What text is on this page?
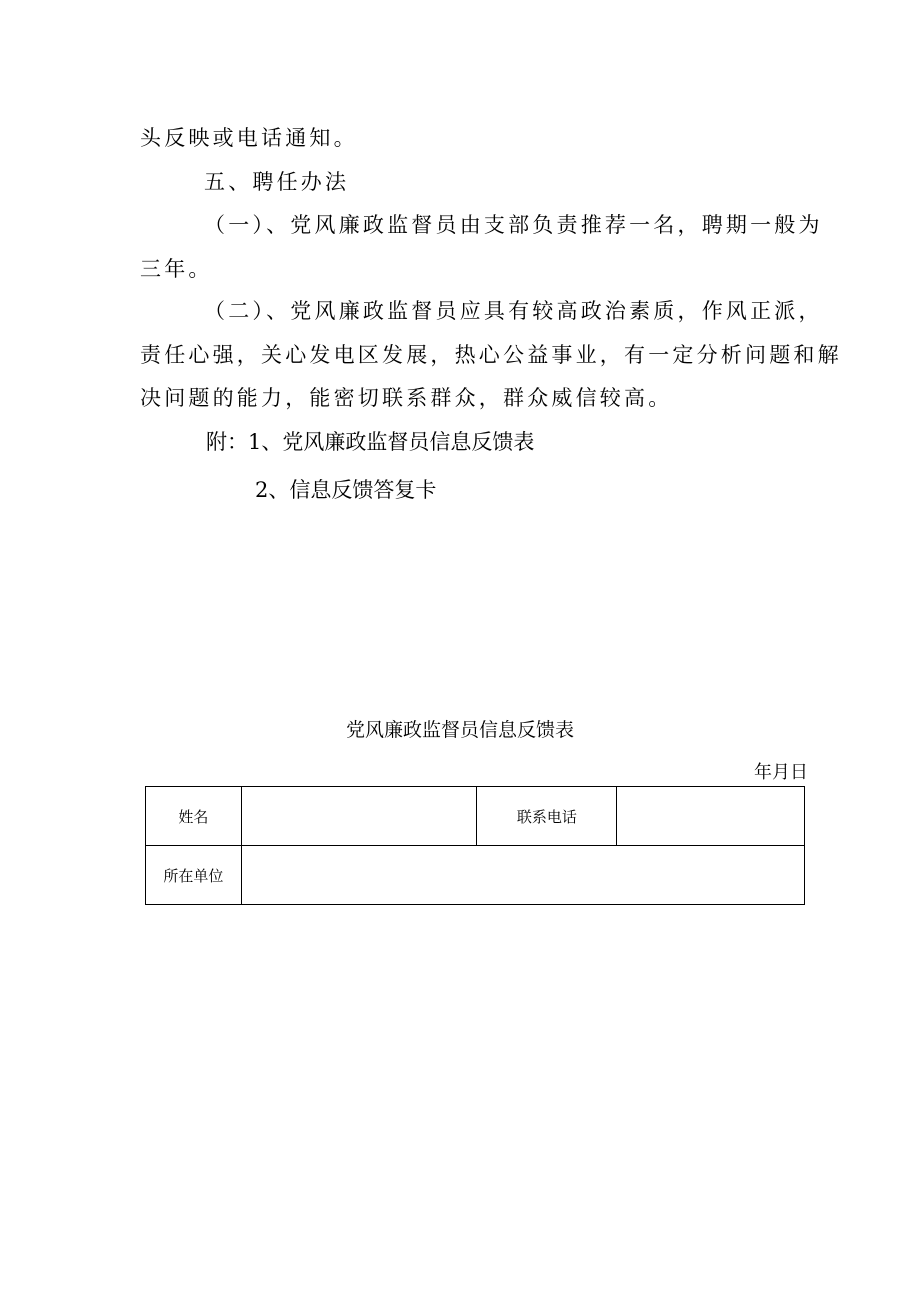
头反映或电话通知。
五、聘任办法
（一）、党风廉政监督员由支部负责推荐一名，聘期一般为
三年。
（二）、党风廉政监督员应具有较高政治素质，作风正派，
责任心强，关心发电区发展，热心公益事业，有一定分析问题和解
决问题的能力，能密切联系群众，群众威信较高。
附：1、党风廉政监督员信息反馈表
2、信息反馈答复卡
党风廉政监督员信息反馈表
年月日
姓名		联系电话	
所在单位			
